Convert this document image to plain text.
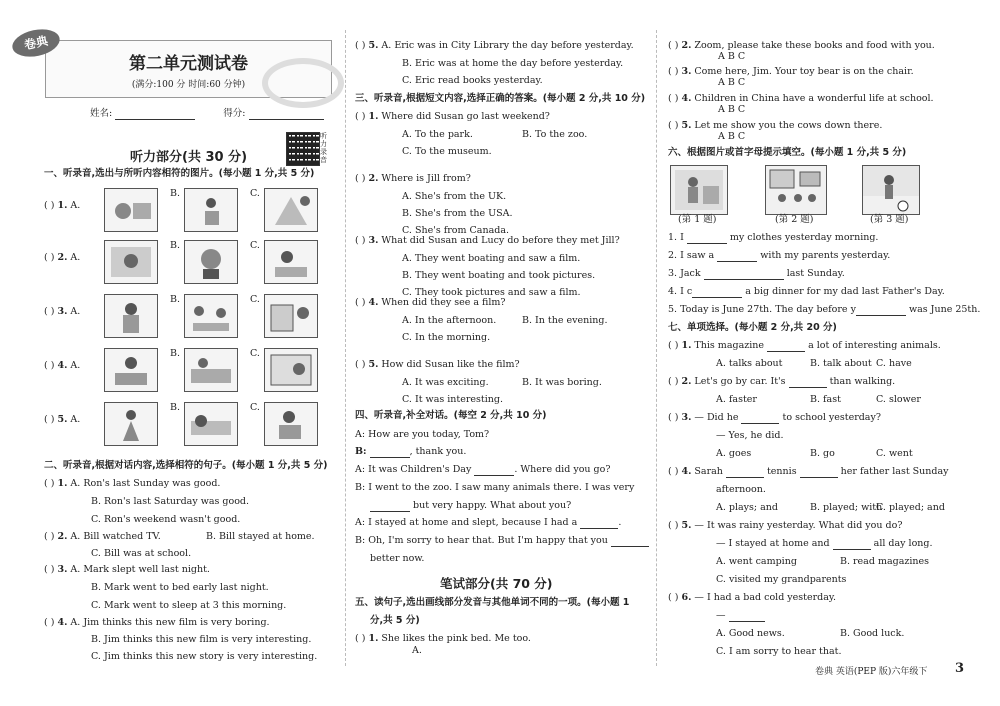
第二单元测试卷
(满分:100 分 时间:60 分钟)
卷典
姓名:	得分:
听力部分(共 30 分)
听力录音
一、听录音,选出与所听内容相符的图片。(每小题 1 分,共 5 分)
( ) 1. A.
B.	C.
( ) 2. A.
B.	C.
( ) 3. A.
B.	C.
( ) 4. A.
B.	C.
( ) 5. A.
B.	C.
二、听录音,根据对话内容,选择相符的句子。(每小题 1 分,共 5 分)
( ) 1. A. Ron's last Sunday was good.
B. Ron's last Saturday was good.
C. Ron's weekend wasn't good.
( ) 2. A. Bill watched TV.	B. Bill stayed at home.
C. Bill was at school.
( ) 3. A. Mark slept well last night.
B. Mark went to bed early last night.
C. Mark went to sleep at 3 this morning.
( ) 4. A. Jim thinks this new film is very boring.
B. Jim thinks this new film is very interesting.
C. Jim thinks this new story is very interesting.
( ) 5. A. Eric was in City Library the day before yesterday.
B. Eric was at home the day before yesterday.
C. Eric read books yesterday.
三、听录音,根据短文内容,选择正确的答案。(每小题 2 分,共 10 分)
( ) 1. Where did Susan go last weekend?
A. To the park.	B. To the zoo.
C. To the museum.
( ) 2. Where is Jill from?
A. She's from the UK.
B. She's from the USA.
C. She's from Canada.
( ) 3. What did Susan and Lucy do before they met Jill?
A. They went boating and saw a film.
B. They went boating and took pictures.
C. They took pictures and saw a film.
( ) 4. When did they see a film?
A. In the afternoon.	B. In the evening.
C. In the morning.
( ) 5. How did Susan like the film?
A. It was exciting.	B. It was boring.
C. It was interesting.
四、听录音,补全对话。(每空 2 分,共 10 分)
A: How are you today, Tom?
B:	, thank you.
A: It was Children's Day	. Where did you go?
B: I went to the zoo. I saw many animals there. I was very
but very happy. What about you?
A: I stayed at home and slept, because I had a	.
B: Oh, I'm sorry to hear that. But I'm happy that you
better now.
笔试部分(共 70 分)
五、读句子,选出画线部分发音与其他单词不同的一项。(每小题 1
分,共 5 分)
( ) 1. She likes the pink bed. Me too.
A.
( ) 2. Zoom, please take these books and food with you.
A B C
( ) 3. Come here, Jim. Your toy bear is on the chair.
A B C
( ) 4. Children in China have a wonderful life at school.
A B C
( ) 5. Let me show you the cows down there.
A B C
六、根据图片或首字母提示填空。(每小题 1 分,共 5 分)
(第 1 题)	(第 2 题)	(第 3 题)
1. I	my clothes yesterday morning.
2. I saw a	with my parents yesterday.
3. Jack	last Sunday.
4. I c	a big dinner for my dad last Father's Day.
5. Today is June 27th. The day before y	was June 25th.
七、单项选择。(每小题 2 分,共 20 分)
( ) 1. This magazine	a lot of interesting animals.
A. talks about	B. talk about C. have
( ) 2. Let's go by car. It's	than walking.
A. faster	B. fast	C. slower
( ) 3. — Did he	to school yesterday?
— Yes, he did.
A. goes	B. go	C. went
( ) 4. Sarah	tennis	her father last Sunday
afternoon.
A. plays; and	B. played; with
C. played; and
( ) 5. — It was rainy yesterday. What did you do?
— I stayed at home and	all day long.
A. went camping	B. read magazines
C. visited my grandparents
( ) 6. — I had a bad cold yesterday.
—
A. Good news.	B. Good luck.
C. I am sorry to hear that.
卷典 英语(PEP 版)六年级下 3
